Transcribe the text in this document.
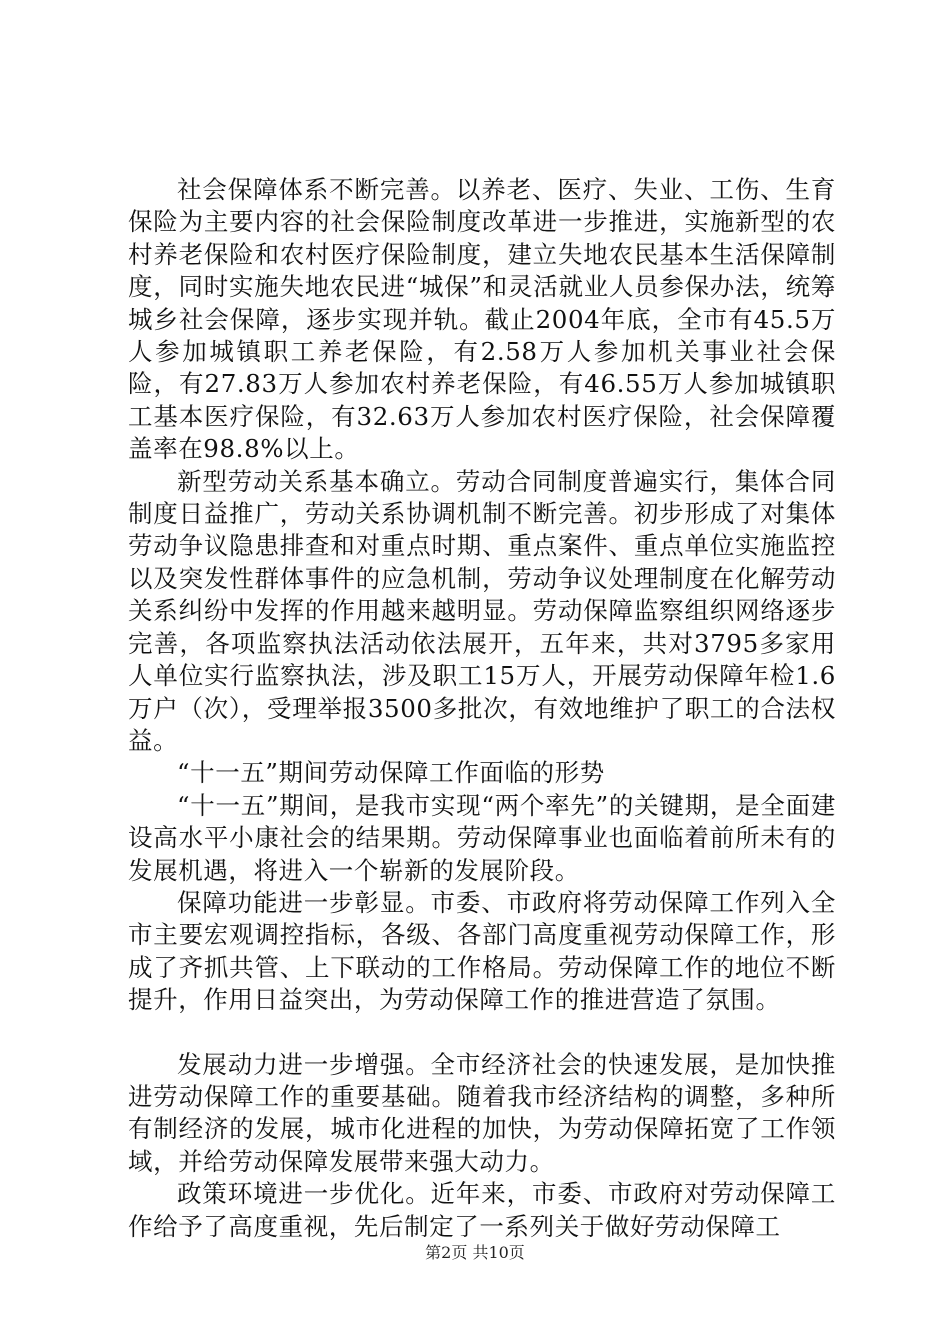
社会保障体系不断完善。以养老、医疗、失业、工伤、生育保险为主要内容的社会保险制度改革进一步推进，实施新型的农村养老保险和农村医疗保险制度，建立失地农民基本生活保障制度，同时实施失地农民进“城保”和灵活就业人员参保办法，统筹城乡社会保障，逐步实现并轨。截止2004年底，全市有45.5万人参加城镇职工养老保险，有2.58万人参加机关事业社会保险，有27.83万人参加农村养老保险，有46.55万人参加城镇职工基本医疗保险，有32.63万人参加农村医疗保险，社会保障覆盖率在98.8%以上。

新型劳动关系基本确立。劳动合同制度普遍实行，集体合同制度日益推广，劳动关系协调机制不断完善。初步形成了对集体劳动争议隐患排查和对重点时期、重点案件、重点单位实施监控以及突发性群体事件的应急机制，劳动争议处理制度在化解劳动关系纠纷中发挥的作用越来越明显。劳动保障监察组织网络逐步完善，各项监察执法活动依法展开，五年来，共对3795多家用人单位实行监察执法，涉及职工15万人，开展劳动保障年检1.6万户（次），受理举报3500多批次，有效地维护了职工的合法权益。

“十一五”期间劳动保障工作面临的形势

“十一五”期间，是我市实现“两个率先”的关键期，是全面建设高水平小康社会的结果期。劳动保障事业也面临着前所未有的发展机遇，将进入一个崭新的发展阶段。

保障功能进一步彰显。市委、市政府将劳动保障工作列入全市主要宏观调控指标，各级、各部门高度重视劳动保障工作，形成了齐抓共管、上下联动的工作格局。劳动保障工作的地位不断提升，作用日益突出，为劳动保障工作的推进营造了氛围。

发展动力进一步增强。全市经济社会的快速发展，是加快推进劳动保障工作的重要基础。随着我市经济结构的调整，多种所有制经济的发展，城市化进程的加快，为劳动保障拓宽了工作领域，并给劳动保障发展带来强大动力。

政策环境进一步优化。近年来，市委、市政府对劳动保障工作给予了高度重视，先后制定了一系列关于做好劳动保障工

第2页 共10页
